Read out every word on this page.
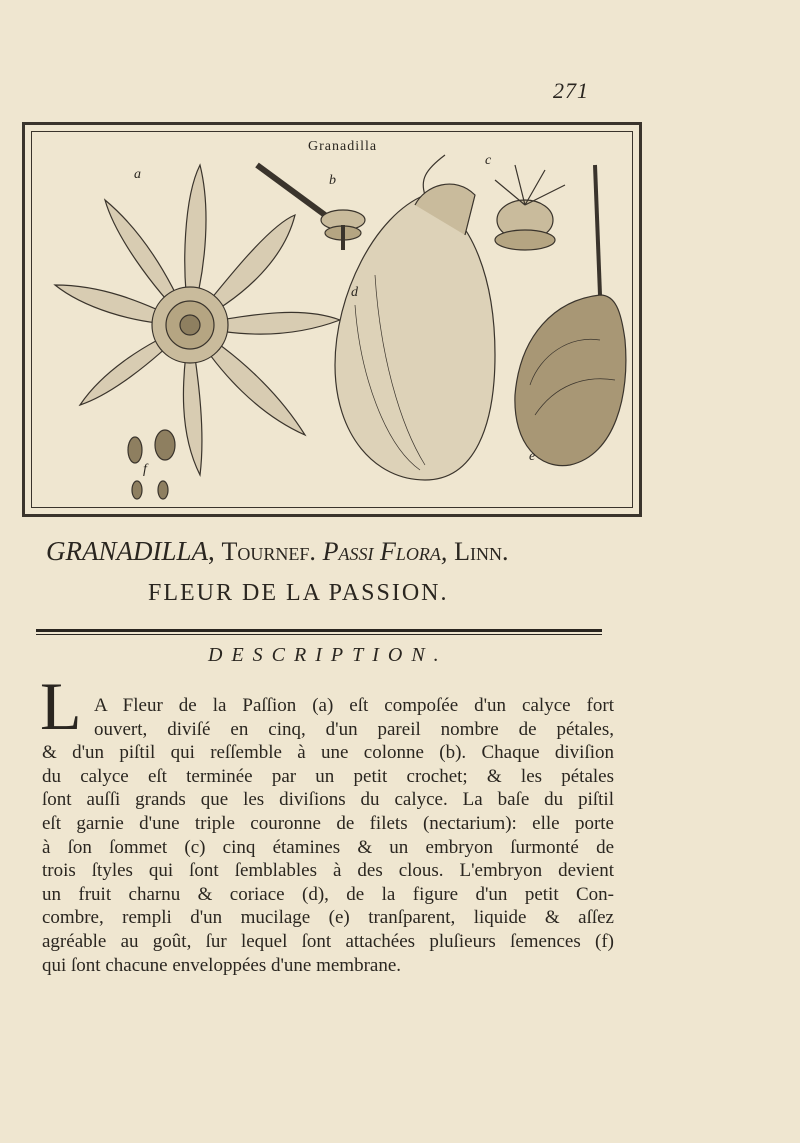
271
Granadilla
a	b
c
d
e
f
GRANADILLA, Tournef. Passi Flora, Linn.
FLEUR DE LA PASSION.
DESCRIPTION.
L A Fleur de la Paſſion (a) eſt compoſée d'un calyce fort
ouvert, diviſé en cinq, d'un pareil nombre de pétales,
& d'un piſtil qui reſſemble à une colonne (b). Chaque diviſion
du calyce eſt terminée par un petit crochet; & les pétales
ſont auſſi grands que les diviſions du calyce. La baſe du piſtil
eſt garnie d'une triple couronne de filets (nectarium): elle porte
à ſon ſommet (c) cinq étamines & un embryon ſurmonté de
trois ſtyles qui ſont ſemblables à des clous. L'embryon devient
un fruit charnu & coriace (d), de la figure d'un petit Con-
combre, rempli d'un mucilage (e) tranſparent, liquide & aſſez
agréable au goût, ſur lequel ſont attachées pluſieurs ſemences (f)
qui ſont chacune enveloppées d'une membrane.
